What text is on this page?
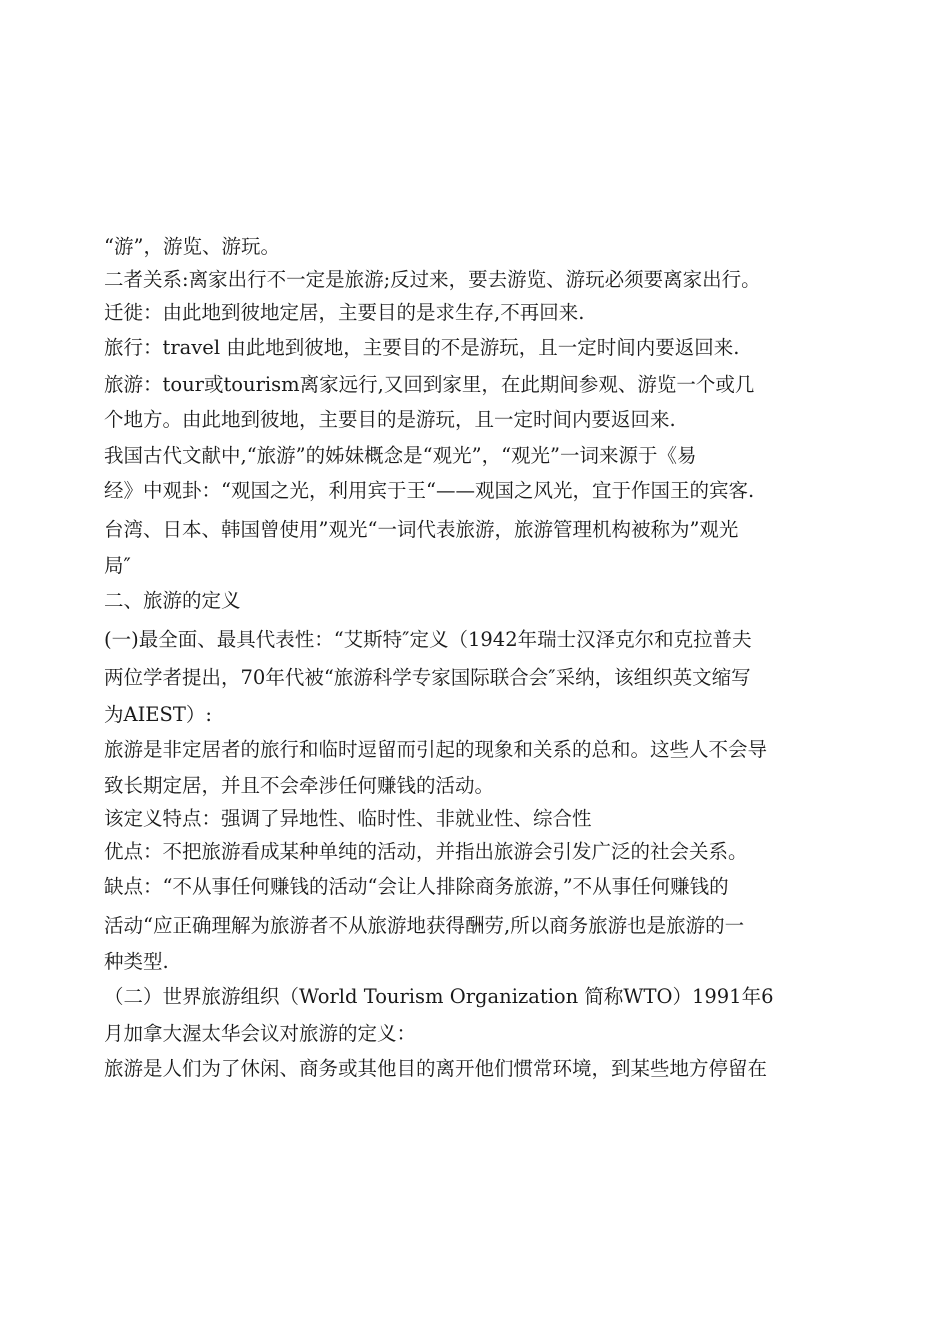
“游”，游览、游玩。
二者关系:离家出行不一定是旅游;反过来，要去游览、游玩必须要离家出行。
迁徙：由此地到彼地定居，主要目的是求生存,不再回来.
旅行：travel 由此地到彼地，主要目的不是游玩，且一定时间内要返回来.
旅游：tour或tourism离家远行,又回到家里，在此期间参观、游览一个或几
个地方。由此地到彼地，主要目的是游玩，且一定时间内要返回来.
我国古代文献中,“旅游”的姊妹概念是“观光”，“观光”一词来源于《易
经》中观卦：“观国之光，利用宾于王“——观国之风光，宜于作国王的宾客.
台湾、日本、韩国曾使用”观光“一词代表旅游，旅游管理机构被称为”观光
局″
二、旅游的定义
(一)最全面、最具代表性：“艾斯特″定义（1942年瑞士汉泽克尔和克拉普夫
两位学者提出，70年代被“旅游科学专家国际联合会″采纳，该组织英文缩写
为AIEST）:
旅游是非定居者的旅行和临时逗留而引起的现象和关系的总和。这些人不会导
致长期定居，并且不会牵涉任何赚钱的活动。
该定义特点：强调了异地性、临时性、非就业性、综合性
优点：不把旅游看成某种单纯的活动，并指出旅游会引发广泛的社会关系。
缺点：“不从事任何赚钱的活动“会让人排除商务旅游，”不从事任何赚钱的
活动“应正确理解为旅游者不从旅游地获得酬劳,所以商务旅游也是旅游的一
种类型.
（二）世界旅游组织（World Tourism Organization 简称WTO）1991年6
月加拿大渥太华会议对旅游的定义：
旅游是人们为了休闲、商务或其他目的离开他们惯常环境，到某些地方停留在
